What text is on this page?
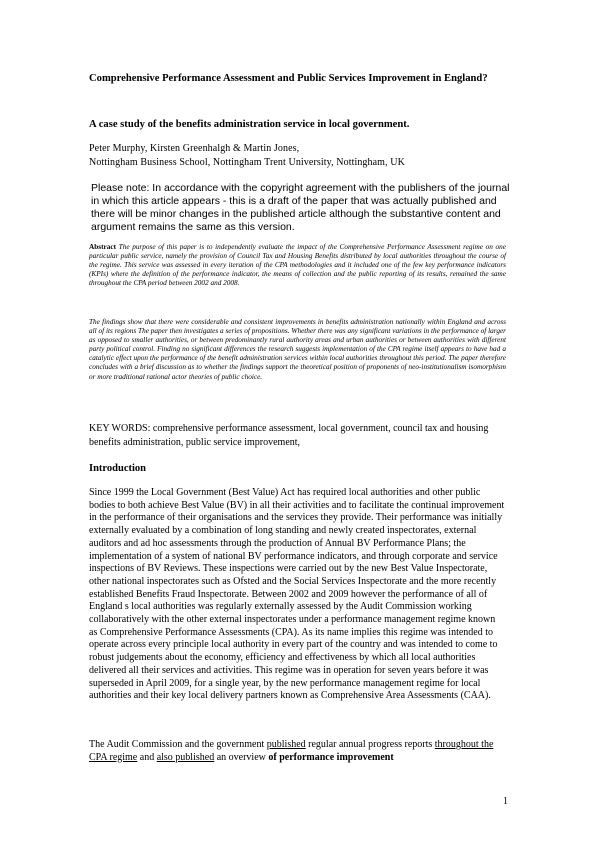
Comprehensive Performance Assessment and Public Services Improvement in England?

A case study of the benefits administration service in local government.

Peter Murphy, Kirsten Greenhalgh & Martin Jones,
Nottingham Business School, Nottingham Trent University, Nottingham, UK

Please note: In accordance with the copyright agreement with the publishers of the journal in which this article appears - this is a draft of the paper that was actually published and there will be minor changes in the published article although the substantive content and argument remains the same as this version.

Abstract The purpose of this paper is to independently evaluate the impact of the Comprehensive Performance Assessment regime on one particular public service, namely the provision of Council Tax and Housing Benefits distributed by local authorities throughout the course of the regime. This service was assessed in every iteration of the CPA methodologies and it included one of the few key performance indicators (KPIs) where the definition of the performance indicator, the means of collection and the public reporting of its results, remained the same throughout the CPA period between 2002 and 2008.

The findings show that there were considerable and consistent improvements in benefits administration nationally within England and across all of its regions The paper then investigates a series of propositions. Whether there was any significant variations in the performance of larger as opposed to smaller authorities, or between predominantly rural authority areas and urban authorities or between authorities with different party political control. Finding no significant differences the research suggests implementation of the CPA regime itself appears to have had a catalytic effect upon the performance of the benefit administration services within local authorities throughout this period. The paper therefore concludes with a brief discussion as to whether the findings support the theoretical position of proponents of neo-institutionalism isomorphism or more traditional rational actor theories of public choice.

KEY WORDS: comprehensive performance assessment, local government, council tax and housing benefits administration, public service improvement,

Introduction

Since 1999 the Local Government (Best Value) Act has required local authorities and other public bodies to both achieve Best Value (BV) in all their activities and to facilitate the continual improvement in the performance of their organisations and the services they provide. Their performance was initially externally evaluated by a combination of long standing and newly created inspectorates, external auditors and ad hoc assessments through the production of Annual BV Performance Plans; the implementation of a system of national BV performance indicators, and through corporate and service inspections of BV Reviews. These inspections were carried out by the new Best Value Inspectorate, other national inspectorates such as Ofsted and the Social Services Inspectorate and the more recently established Benefits Fraud Inspectorate. Between 2002 and 2009 however the performance of all of England s local authorities was regularly externally assessed by the Audit Commission working collaboratively with the other external inspectorates under a performance management regime known as Comprehensive Performance Assessments (CPA). As its name implies this regime was intended to operate across every principle local authority in every part of the country and was intended to come to robust judgements about the economy, efficiency and effectiveness by which all local authorities delivered all their services and activities. This regime was in operation for seven years before it was superseded in April 2009, for a single year, by the new performance management regime for local authorities and their key local delivery partners known as Comprehensive Area Assessments (CAA).

The Audit Commission and the government published regular annual progress reports throughout the CPA regime and also published an overview of performance improvement

1
